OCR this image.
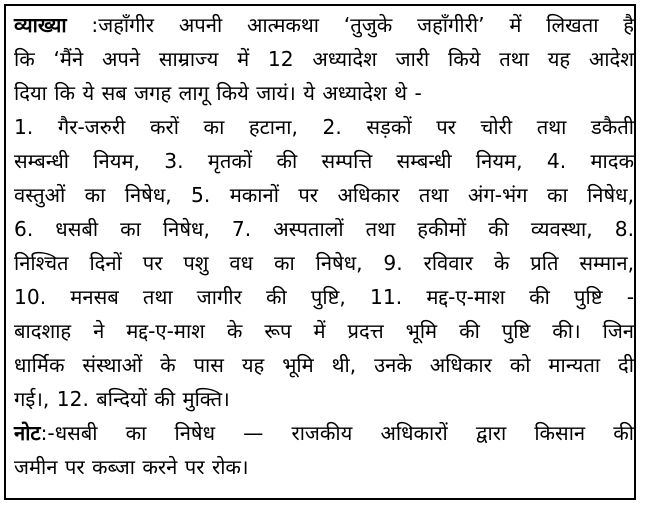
व्याख्या :जहाँगीर अपनी आत्मकथा ‘तुजुके जहाँगीरी’ में लिखता है
कि ‘मैंने अपने साम्राज्य में 12 अध्यादेश जारी किये तथा यह आदेश
दिया कि ये सब जगह लागू किये जायं। ये अध्यादेश थे -
1. गैर-जरुरी करों का हटाना, 2. सड़कों पर चोरी तथा डकैती
सम्बन्धी नियम, 3. मृतकों की सम्पत्ति सम्बन्धी नियम, 4. मादक
वस्तुओं का निषेध, 5. मकानों पर अधिकार तथा अंग-भंग का निषेध,
6. धसबी का निषेध, 7. अस्पतालों तथा हकीमों की व्यवस्था, 8.
निश्चित दिनों पर पशु वध का निषेध, 9. रविवार के प्रति सम्मान,
10. मनसब तथा जागीर की पुष्टि, 11. मद्द-ए-माश की पुष्टि -
बादशाह ने मद्द-ए-माश के रूप में प्रदत्त भूमि की पुष्टि की। जिन
धार्मिक संस्थाओं के पास यह भूमि थी, उनके अधिकार को मान्यता दी
गई।, 12. बन्दियों की मुक्ति।
नोट:-धसबी का निषेध — राजकीय अधिकारों द्वारा किसान की
जमीन पर कब्जा करने पर रोक।
